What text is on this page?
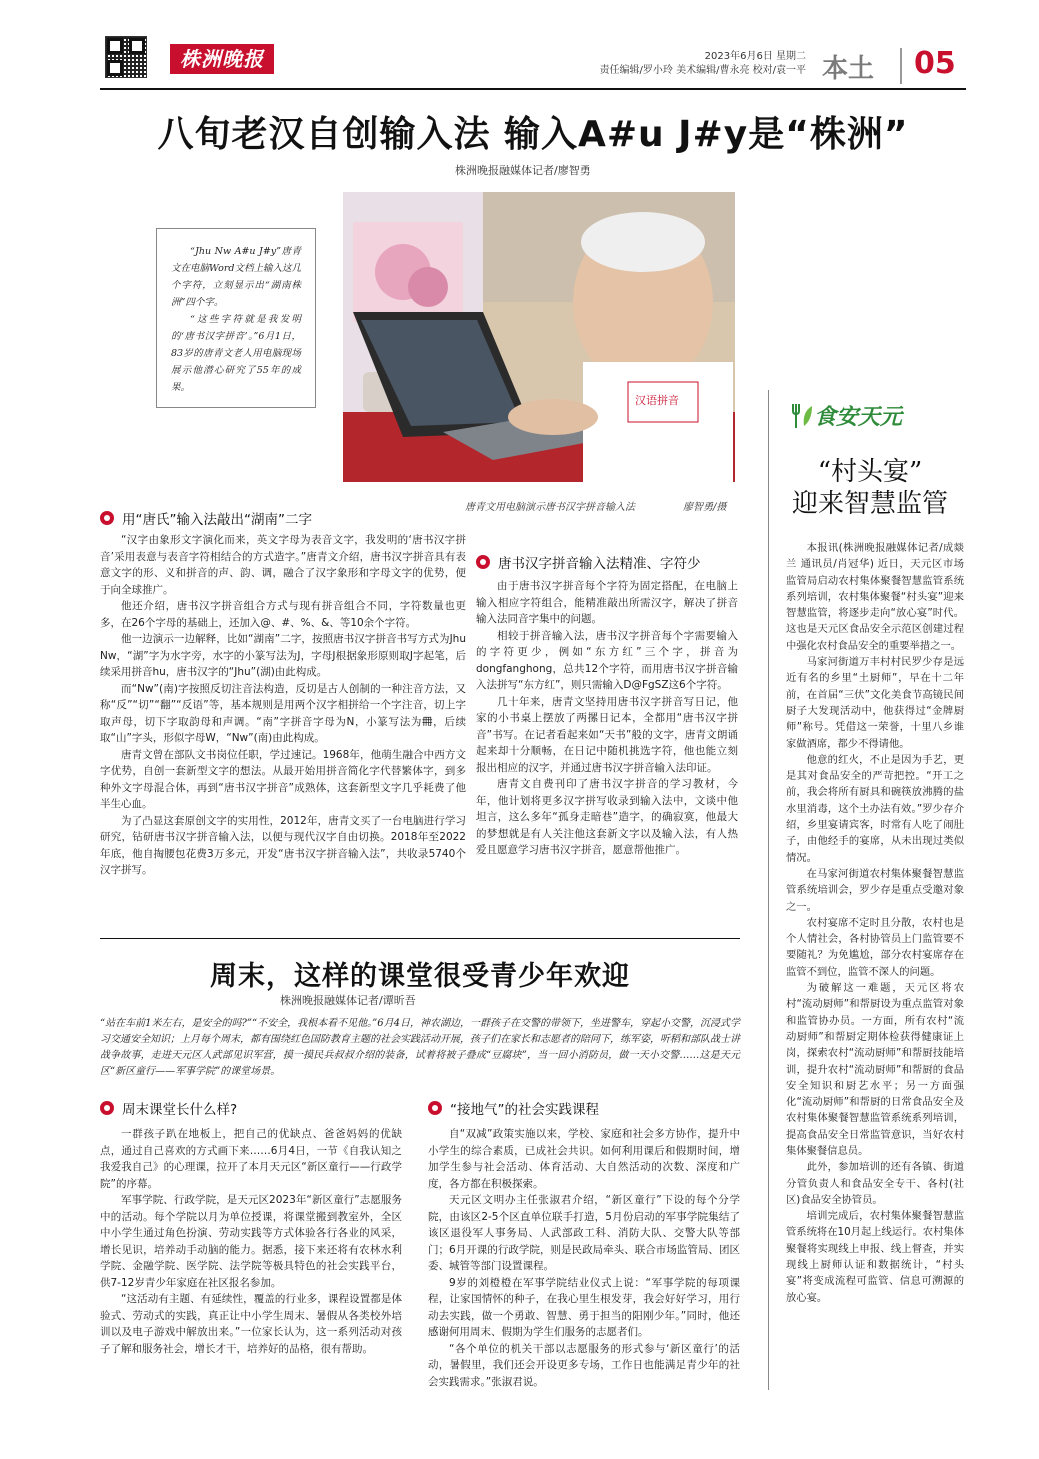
株洲晚报	2023年6月6日 星期二
责任编辑/罗小玲 美术编辑/曹永亮 校对/袁一平 本土 05
八旬老汉自创输入法 输入A#u J#y是“株洲”
株洲晚报融媒体记者/廖智勇
汉语拼音

“Jhu Nw A#u J#y”唐青文在电脑Word文档上输入这几个字符，立刻显示出“湖南株洲”四个字。

“这些字符就是我发明的‘唐书汉字拼音’。”6月1日，83岁的唐青文老人用电脑现场展示他潜心研究了55年的成果。

唐青文用电脑演示唐书汉字拼音输入法	廖智勇/摄
用“唐氏”输入法敲出“湖南”二字

“汉字由象形文字演化而来，英文字母为表音文字，我发明的‘唐书汉字拼音’采用表意与表音字符相结合的方式造字。”唐青文介绍，唐书汉字拼音具有表意文字的形、义和拼音的声、韵、调，融合了汉字象形和字母文字的优势，便于向全球推广。

他还介绍，唐书汉字拼音组合方式与现有拼音组合不同，字符数量也更多，在26个字母的基础上，还加入@、#、%、&、等10余个字符。

他一边演示一边解释，比如“湖南”二字，按照唐书汉字拼音书写方式为Jhu Nw，“湖”字为水字旁，水字的小篆写法为J，字母J根据象形原则取J字起笔，后续采用拼音hu，唐书汉字的“Jhu”(湖)由此构成。

而“Nw”(南)字按照反切注音法构造，反切是古人创制的一种注音方法，又称“反”“切”“翻”“反语”等，基本规则是用两个汉字相拼给一个字注音，切上字取声母，切下字取韵母和声调。“南”字拼音字母为N，小篆写法为𠕋，后续取“山”字头，形似字母W，“Nw”(南)由此构成。

唐青文曾在部队文书岗位任职，学过速记。1968年，他萌生融合中西方文字优势，自创一套新型文字的想法。从最开始用拼音简化字代替繁体字，到多种外文字母混合体，再到“唐书汉字拼音”成熟体，这套新型文字几乎耗费了他半生心血。

为了凸显这套原创文字的实用性，2012年，唐青文买了一台电脑进行学习研究，钻研唐书汉字拼音输入法，以便与现代汉字自由切换。2018年至2022年底，他自掏腰包花费3万多元，开发“唐书汉字拼音输入法”，共收录5740个汉字拼写。

唐书汉字拼音输入法精准、字符少

由于唐书汉字拼音每个字符为固定搭配，在电脑上输入相应字符组合，能精准敲出所需汉字，解决了拼音输入法同音字集中的问题。

相较于拼音输入法，唐书汉字拼音每个字需要输入的字符更少，例如“东方红”三个字，拼音为dongfanghong，总共12个字符，而用唐书汉字拼音输入法拼写“东方红”，则只需输入D@FgSZ这6个字符。

几十年来，唐青文坚持用唐书汉字拼音写日记，他家的小书桌上摆放了两摞日记本，全都用“唐书汉字拼音”书写。在记者看起来如“天书”般的文字，唐青文朗诵起来却十分顺畅，在日记中随机挑选字符，他也能立刻报出相应的汉字，并通过唐书汉字拼音输入法印证。

唐青文自费刊印了唐书汉字拼音的学习教材，今年，他计划将更多汉字拼写收录到输入法中，文谈中他坦言，这么多年“孤身走暗巷”造字，的确寂寞，他最大的梦想就是有人关注他这套新文字以及输入法，有人热爱且愿意学习唐书汉字拼音，愿意帮他推广。

周末，这样的课堂很受青少年欢迎
株洲晚报融媒体记者/谭昕吾
“站在车前1米左右，是安全的吗?”“不安全，我根本看不见他。”6月4日，神农湖边，一群孩子在交警的带领下，坐进警车，穿起小交警，沉浸式学习交通安全知识；上月每个周末，都有围绕红色国防教育主题的社会实践活动开展，孩子们在家长和志愿者的陪同下，练军姿，听稻和部队战士讲战争故事，走进天元区人武部见识军营，摸一摸民兵叔叔介绍的装备，试着将被子叠成“豆腐块”，当一回小消防员，做一天小交警……这是天元区“新区童行——军事学院”的课堂场景。
周末课堂长什么样?

一群孩子趴在地板上，把自己的优缺点、爸爸妈妈的优缺点，通过自己喜欢的方式画下来……6月4日，一节《自我认知之我爱我自己》的心理课，拉开了本月天元区“新区童行——行政学院”的序幕。

军事学院、行政学院，是天元区2023年“新区童行”志愿服务中的活动。每个学院以月为单位授课，将课堂搬到教室外，全区中小学生通过角色扮演、劳动实践等方式体验各行各业的风采，增长见识，培养动手动脑的能力。据悉，接下来还将有农林水利学院、金融学院、医学院、法学院等极具特色的社会实践平台，供7-12岁青少年家庭在社区报名参加。

“这活动有主题、有延续性，覆盖的行业多，课程设置都是体验式、劳动式的实践，真正让中小学生周末、暑假从各类校外培训以及电子游戏中解放出来。”一位家长认为，这一系列活动对孩子了解和服务社会，增长才干，培养好的品格，很有帮助。

“接地气”的社会实践课程

自“双减”政策实施以来，学校、家庭和社会多方协作，提升中小学生的综合素质，已成社会共识。如何利用课后和假期时间，增加学生参与社会活动、体育活动、大自然活动的次数、深度和广度，各方都在积极探索。

天元区文明办主任张淑君介绍，“新区童行”下设的每个分学院，由该区2-5个区直单位联手打造，5月份启动的军事学院集结了该区退役军人事务局、人武部政工科、消防大队、交警大队等部门；6月开课的行政学院，则是民政局牵头、联合市场监管局、团区委、城管等部门设置课程。

9岁的刘橙橙在军事学院结业仪式上说：“军事学院的每项课程，让家国情怀的种子，在我心里生根发芽，我会好好学习，用行动去实践，做一个勇敢、智慧、勇于担当的阳刚少年。”同时，他还感谢何用周末、假期为学生们服务的志愿者们。

“各个单位的机关干部以志愿服务的形式参与‘新区童行’的活动，暑假里，我们还会开设更多专场，工作日也能满足青少年的社会实践需求。”张淑君说。

食安天元
“村头宴”
迎来智慧监管

本报讯(株洲晚报融媒体记者/成燚兰 通讯员/肖冠华) 近日，天元区市场监管局启动农村集体聚餐智慧监管系统系列培训，农村集体聚餐“村头宴”迎来智慧监管，将逐步走向“放心宴”时代。这也是天元区食品安全示范区创建过程中强化农村食品安全的重要举措之一。

马家河街道万丰村村民罗少存是远近有名的乡里“土厨师”，早在十二年前，在首届“三伏”文化美食节高镜民间厨子大发现活动中，他获得过“金牌厨师”称号。凭借这一荣誉，十里八乡谁家做酒席，都少不得请他。

他意的红火，不止是因为手艺，更是其对食品安全的严苛把控。“开工之前，我会将所有厨具和碗筷放沸腾的盐水里消毒，这个土办法有效。”罗少存介绍，乡里宴请宾客，时常有人吃了闹肚子，由他经手的宴席，从未出现过类似情况。

在马家河街道农村集体聚餐智慧监管系统培训会，罗少存是重点受邀对象之一。

农村宴席不定时且分散，农村也是个人情社会，各村协管员上门监管要不要随礼？为免尴尬，部分农村宴席存在监管不到位，监管不深人的问题。

为破解这一难题，天元区将农村“流动厨师”和帮厨设为重点监管对象和监管协办员。一方面，所有农村“流动厨师”和帮厨定期体检获得健康证上岗，探索农村“流动厨师”和帮厨技能培训，提升农村“流动厨师”和帮厨的食品安全知识和厨艺水平；另一方面强化“流动厨师”和帮厨的日常食品安全及农村集体聚餐智慧监管系统系列培训，提高食品安全日常监管意识，当好农村集体聚餐信息员。

此外，参加培训的还有各镇、街道分管负责人和食品安全专干、各村(社区)食品安全协管员。

培训完成后，农村集体聚餐智慧监管系统将在10月起上线运行。农村集体聚餐将实现线上申报、线上督查，并实现线上厨师认证和数据统计，“村头宴”将变成流程可监管、信息可溯源的放心宴。
